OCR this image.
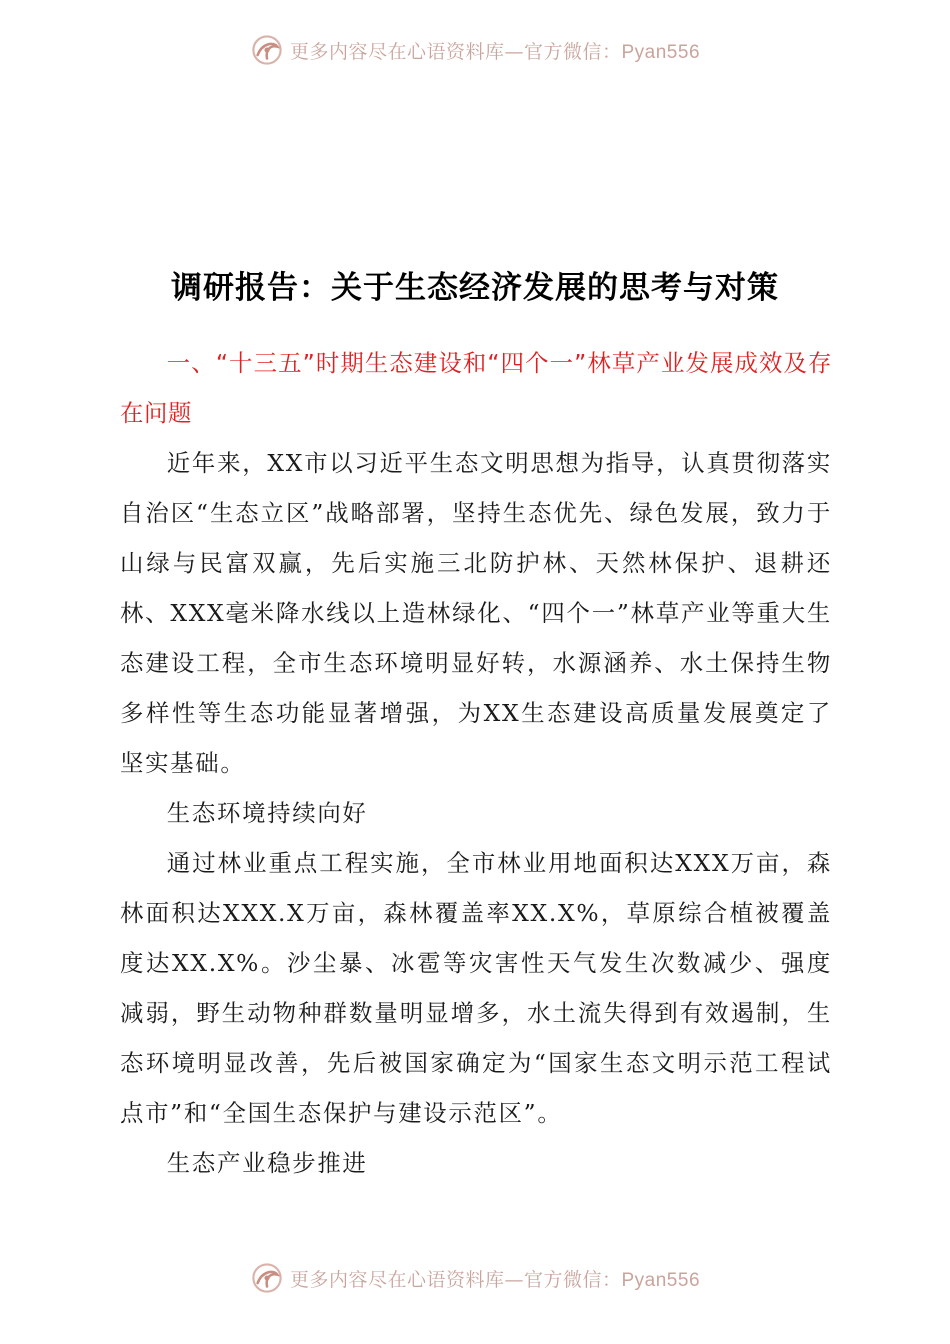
更多内容尽在心语资料库—官方微信：Pyan556
调研报告：关于生态经济发展的思考与对策

一、“十三五”时期生态建设和“四个一”林草产业发展成效及存在问题

近年来，XX市以习近平生态文明思想为指导，认真贯彻落实自治区“生态立区”战略部署，坚持生态优先、绿色发展，致力于山绿与民富双赢，先后实施三北防护林、天然林保护、退耕还林、XXX毫米降水线以上造林绿化、“四个一”林草产业等重大生态建设工程，全市生态环境明显好转，水源涵养、水土保持生物多样性等生态功能显著增强，为XX生态建设高质量发展奠定了坚实基础。

生态环境持续向好

通过林业重点工程实施，全市林业用地面积达XXX万亩，森林面积达XXX.X万亩，森林覆盖率XX.X%，草原综合植被覆盖度达XX.X%。沙尘暴、冰雹等灾害性天气发生次数减少、强度减弱，野生动物种群数量明显增多，水土流失得到有效遏制，生态环境明显改善，先后被国家确定为“国家生态文明示范工程试点市”和“全国生态保护与建设示范区”。

生态产业稳步推进

更多内容尽在心语资料库—官方微信：Pyan556
